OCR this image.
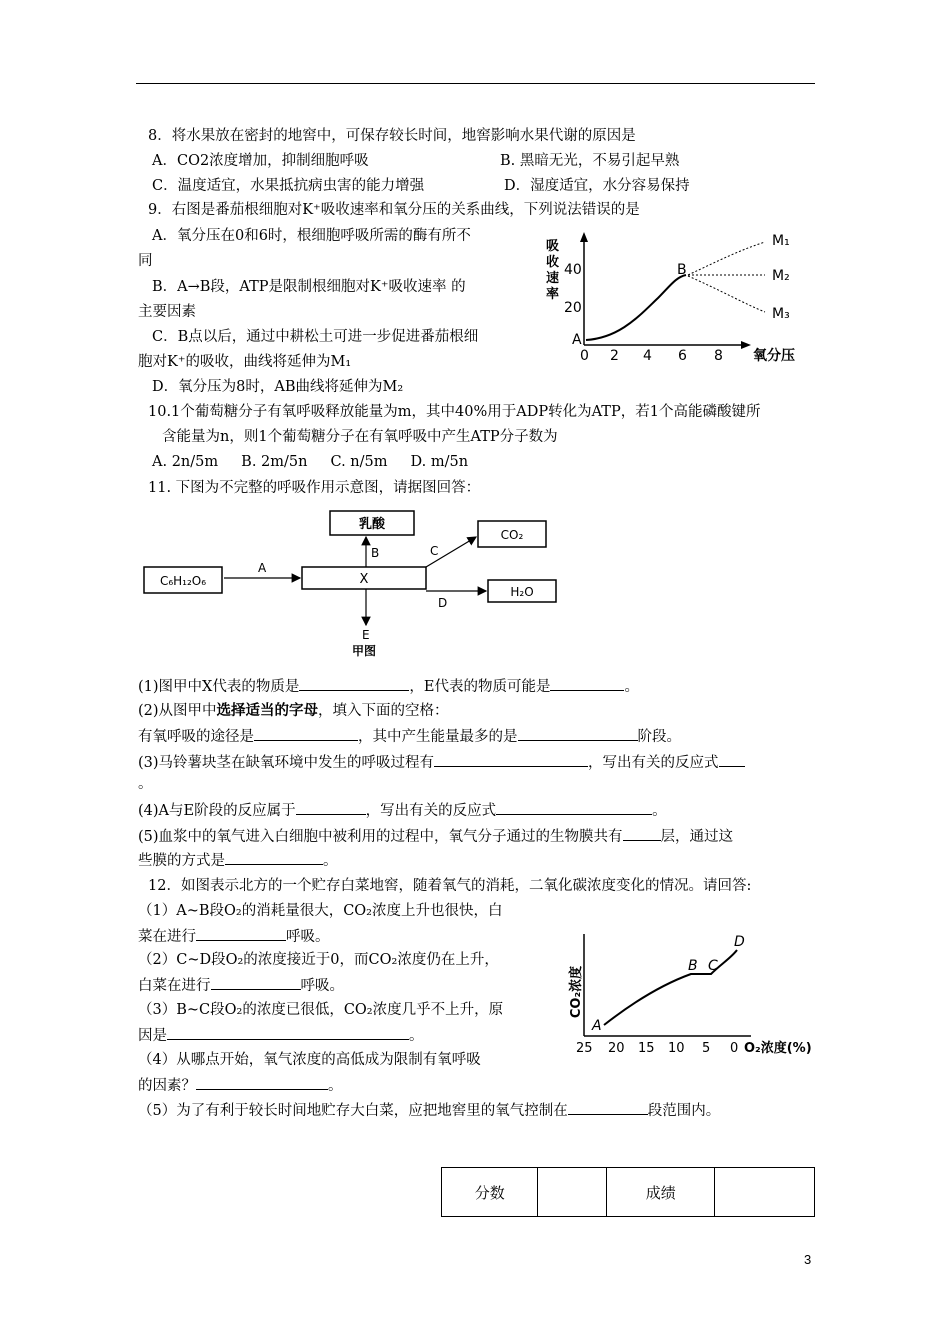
8．将水果放在密封的地窖中，可保存较长时间，地窖影响水果代谢的原因是
A．CO2浓度增加，抑制细胞呼吸	B. 黑暗无光，不易引起早熟
C．温度适宜，水果抵抗病虫害的能力增强	D．湿度适宜，水分容易保持
9．右图是番茄根细胞对K⁺吸收速率和氧分压的关系曲线，下列说法错误的是
A．氧分压在0和6时，根细胞呼吸所需的酶有所不
同
B．A→B段，ATP是限制根细胞对K⁺吸收速率 的
主要因素
C．B点以后，通过中耕松土可进一步促进番茄根细
胞对K⁺的吸收，曲线将延伸为M₁
D．氧分压为8时，AB曲线将延伸为M₂
吸
收
速
率
40
20
0 2 4 6 8 氧分压
A
B
M₁
M₂
M₃
10.1个葡萄糖分子有氧呼吸释放能量为m，其中40%用于ADP转化为ATP，若1个高能磷酸键所
含能量为n，则1个葡萄糖分子在有氧呼吸中产生ATP分子数为
A. 2n/5m     B. 2m/5n     C. n/5m     D. m/5n
11. 下图为不完整的呼吸作用示意图，请据图回答：
乳酸
C₆H₁₂O₆	X
CO₂
H₂O
A
B	C
D
E
甲图
(1)图甲中X代表的物质是	，E代表的物质可能是	。
(2)从图甲中选择适当的字母，填入下面的空格：
有氧呼吸的途径是	，其中产生能量最多的是	阶段。
(3)马铃薯块茎在缺氧环境中发生的呼吸过程有	，写出有关的反应式
。
(4)A与E阶段的反应属于	，写出有关的反应式	。
(5)血浆中的氧气进入白细胞中被利用的过程中，氧气分子通过的生物膜共有	层，通过这
些膜的方式是	。
12．如图表示北方的一个贮存白菜地窖，随着氧气的消耗，二氧化碳浓度变化的情况。请回答:
（1）A~B段O₂的消耗量很大，CO₂浓度上升也很快，白
菜在进行	呼吸。
（2）C~D段O₂的浓度接近于0，而CO₂浓度仍在上升，
白菜在进行	呼吸。
（3）B~C段O₂的浓度已很低，CO₂浓度几乎不上升，原
因是	。
（4）从哪点开始，氧气浓度的高低成为限制有氧呼吸
的因素？	。
（5）为了有利于较长时间地贮存大白菜，应把地窖里的氧气控制在	段范围内。
CO₂浓度
25 20 15 10 5 0 O₂浓度(%)
A
B C
D
分数		成绩	
3
